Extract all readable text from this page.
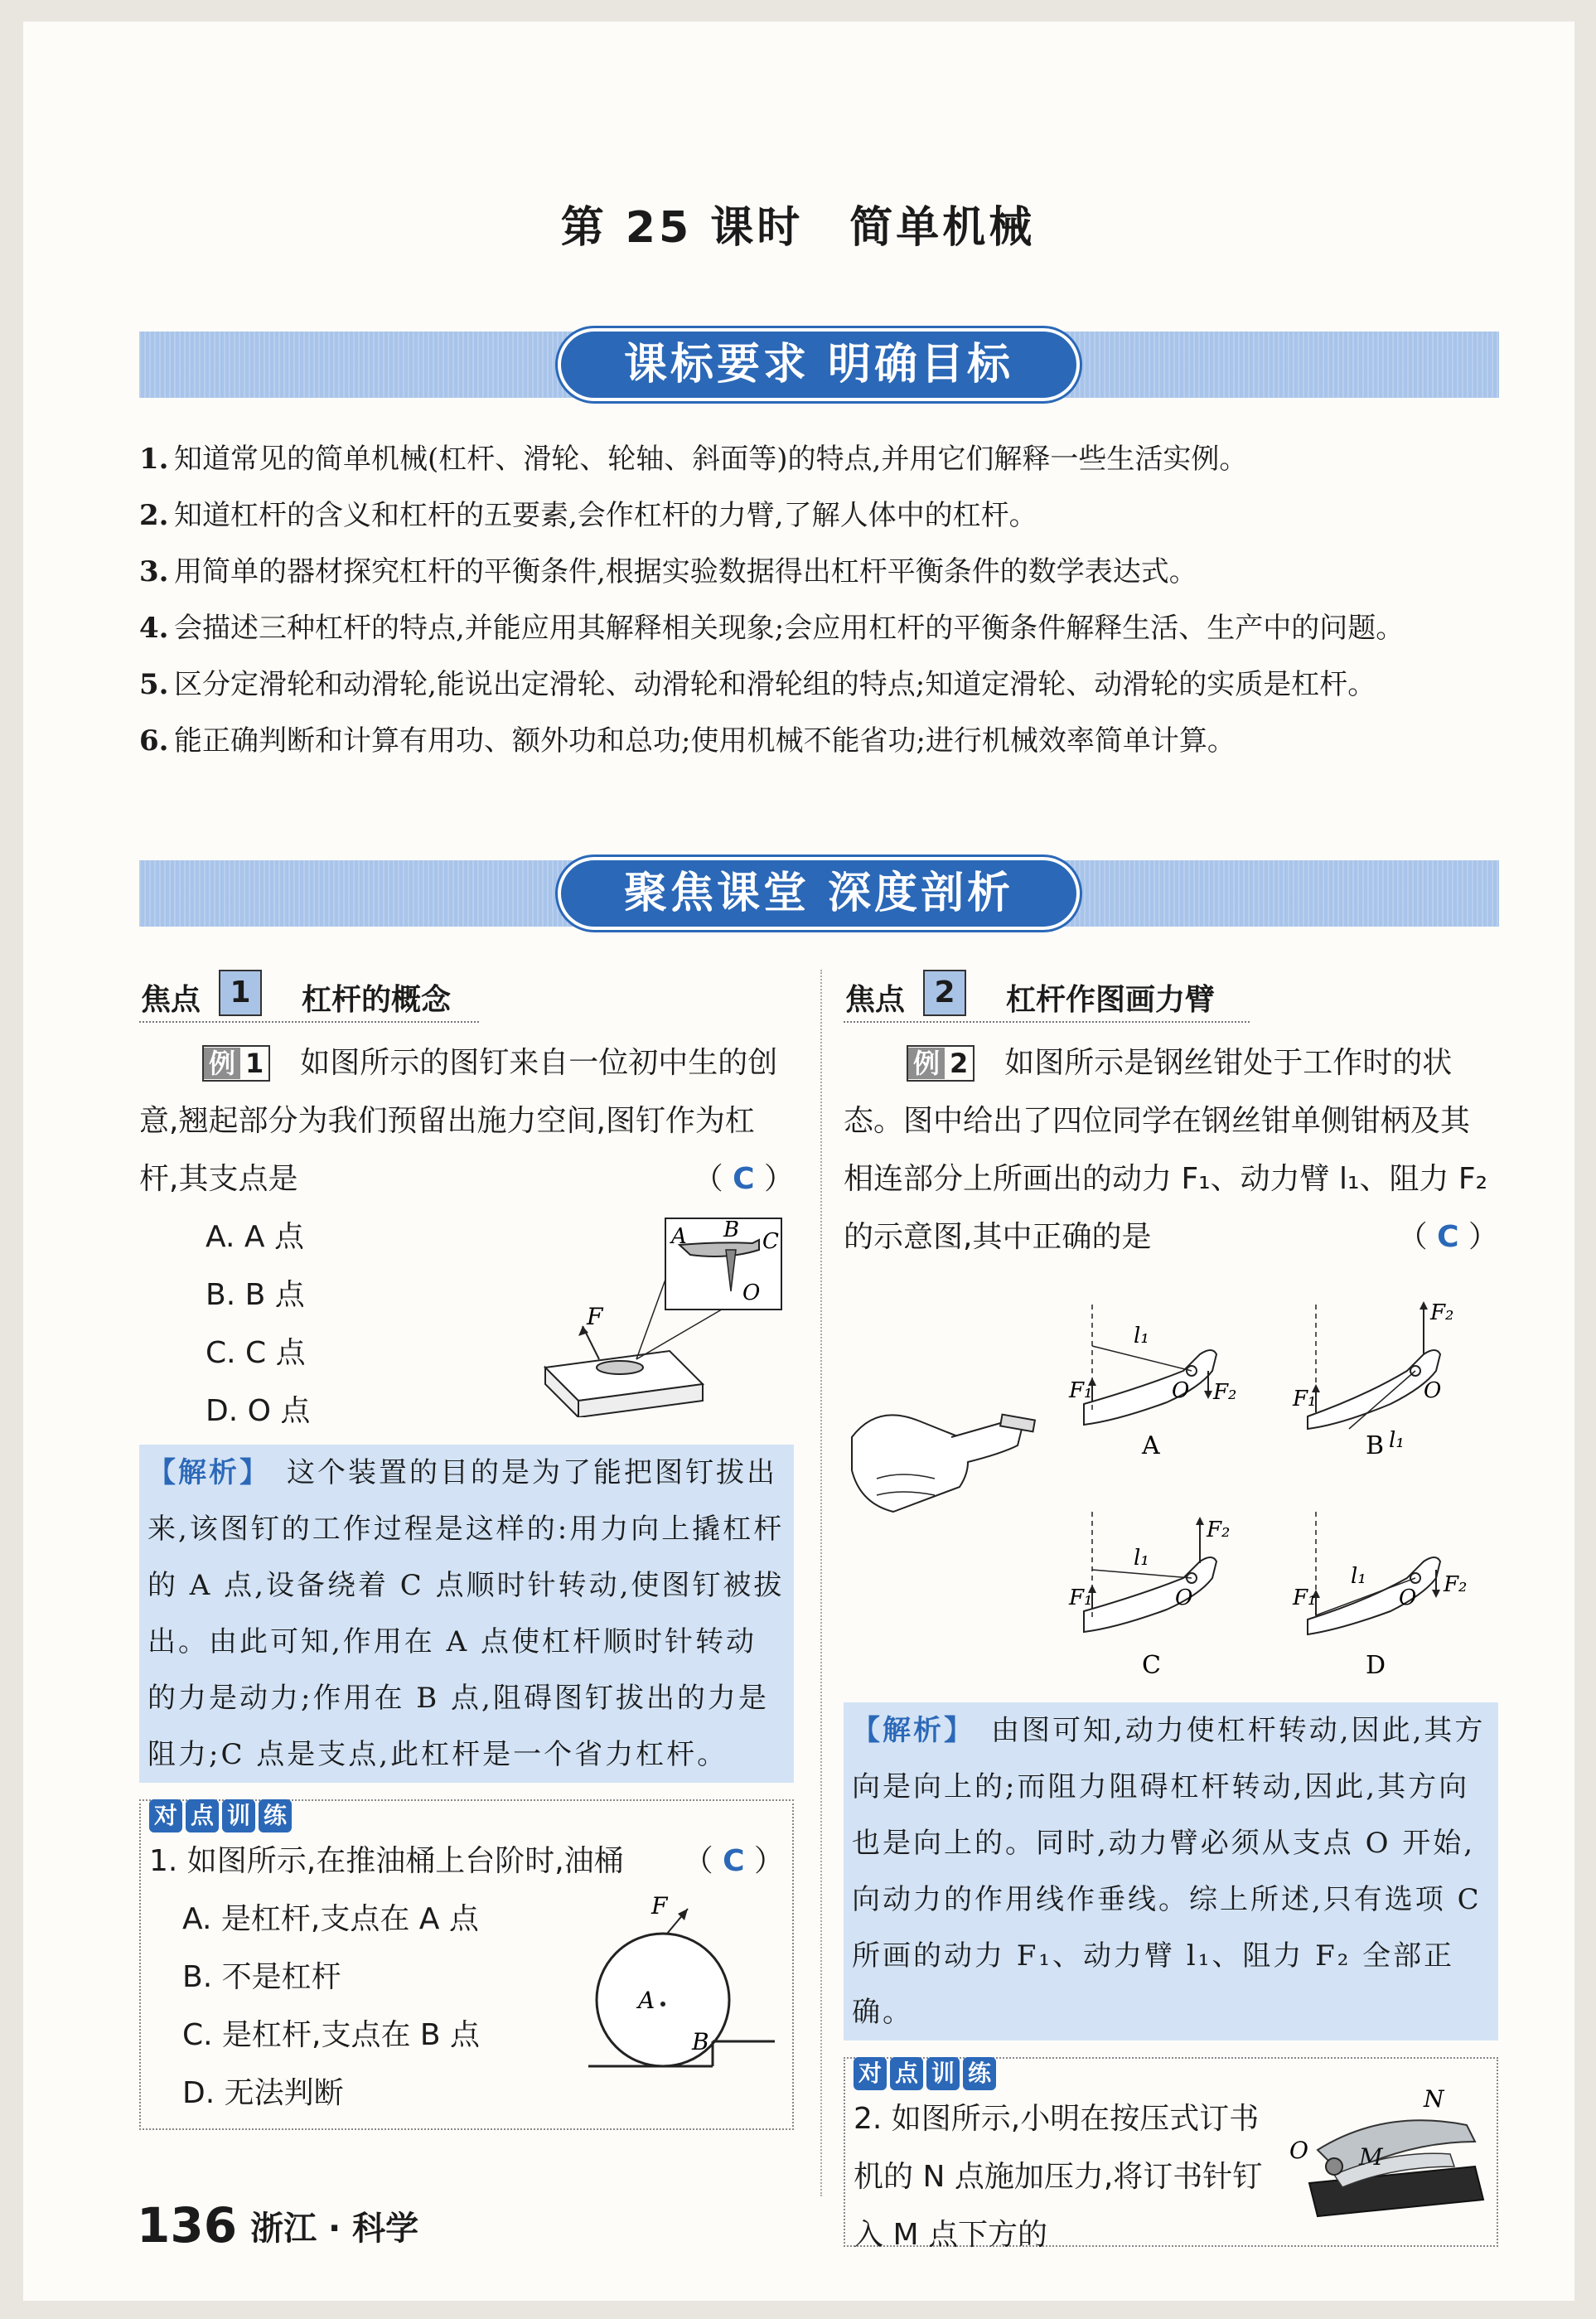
第 25 课时　简单机械
课标要求 明确目标
1. 知道常见的简单机械(杠杆、滑轮、轮轴、斜面等)的特点,并用它们解释一些生活实例。
2. 知道杠杆的含义和杠杆的五要素,会作杠杆的力臂,了解人体中的杠杆。
3. 用简单的器材探究杠杆的平衡条件,根据实验数据得出杠杆平衡条件的数学表达式。
4. 会描述三种杠杆的特点,并能应用其解释相关现象;会应用杠杆的平衡条件解释生活、生产中的问题。
5. 区分定滑轮和动滑轮,能说出定滑轮、动滑轮和滑轮组的特点;知道定滑轮、动滑轮的实质是杠杆。
6. 能正确判断和计算有用功、额外功和总功;使用机械不能省功;进行机械效率简单计算。
聚焦课堂 深度剖析
焦点 1	杠杆的概念
例 1 如图所示的图钉来自一位初中生的创意,翘起部分为我们预留出施力空间,图钉作为杠杆,其支点是	（ C ）
A. A 点
B. B 点
C. C 点
D. O 点
F
A B C
O
【解析】　 这个装置的目的是为了能把图钉拔出来,该图钉的工作过程是这样的:用力向上撬杠杆的 A 点,设备绕着 C 点顺时针转动,使图钉被拔出。由此可知,作用在 A 点使杠杆顺时针转动的力是动力;作用在 B 点,阻碍图钉拔出的力是阻力;C 点是支点,此杠杆是一个省力杠杆。
对 点 训 练
1. 如图所示,在推油桶上台阶时,油桶 （ C ）
A. 是杠杆,支点在 A 点
B. 不是杠杆
C. 是杠杆,支点在 B 点
D. 无法判断
F
A
B
焦点 2	杠杆作图画力臂
例 2 如图所示是钢丝钳处于工作时的状态。图中给出了四位同学在钢丝钳单侧钳柄及其相连部分上所画出的动力 F₁、动力臂 l₁、阻力 F₂ 的示意图,其中正确的是	（ C ）
F₁
l₁
O F₂
A
F₁
l₁
O
F₂
B
F₁
l₁
O
F₂
C
F₁
l₁
O
F₂
D
【解析】　 由图可知,动力使杠杆转动,因此,其方向是向上的;而阻力阻碍杠杆转动,因此,其方向也是向上的。同时,动力臂必须从支点 O 开始,向动力的作用线作垂线。综上所述,只有选项 C 所画的动力 F₁、动力臂 l₁、阻力 F₂ 全部正确。
对 点 训 练
2. 如图所示,小明在按压式订书机的 N 点施加压力,将订书针钉入 M 点下方的
N
O M
136 浙江 · 科学
